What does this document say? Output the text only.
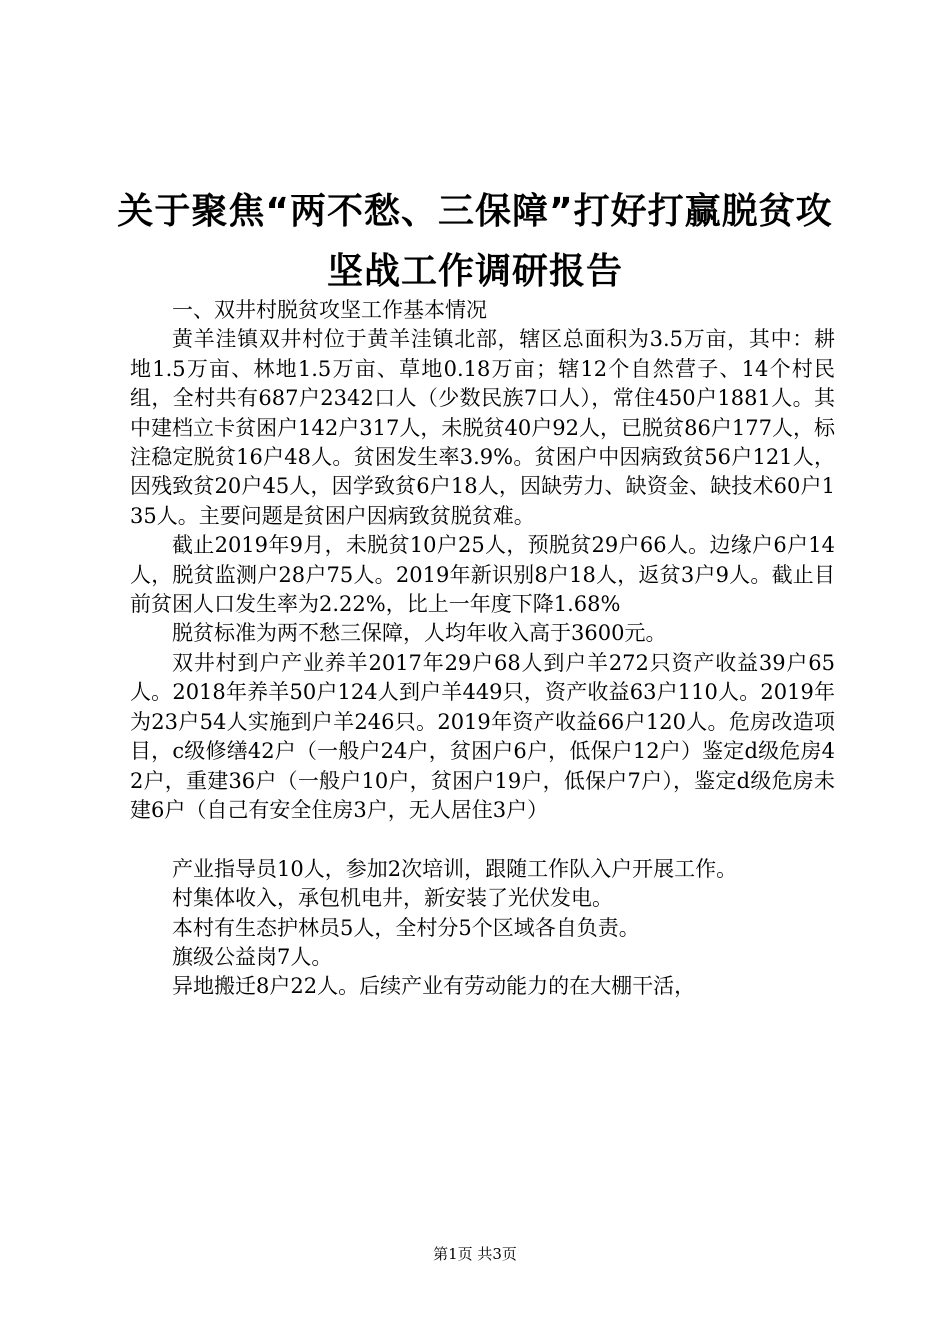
关于聚焦“两不愁、三保障”打好打赢脱贫攻
坚战工作调研报告

一、双井村脱贫攻坚工作基本情况

黄羊洼镇双井村位于黄羊洼镇北部，辖区总面积为3.5万亩，其中：耕地1.5万亩、林地1.5万亩、草地0.18万亩；辖12个自然营子、14个村民组，全村共有687户2342口人（少数民族7口人），常住450户1881人。其中建档立卡贫困户142户317人，未脱贫40户92人，已脱贫86户177人，标注稳定脱贫16户48人。贫困发生率3.9%。贫困户中因病致贫56户121人，因残致贫20户45人，因学致贫6户18人，因缺劳力、缺资金、缺技术60户135人。主要问题是贫困户因病致贫脱贫难。

截止2019年9月，未脱贫10户25人，预脱贫29户66人。边缘户6户14人，脱贫监测户28户75人。2019年新识别8户18人，返贫3户9人。截止目前贫困人口发生率为2.22%，比上一年度下降1.68%

脱贫标准为两不愁三保障，人均年收入高于3600元。

双井村到户产业养羊2017年29户68人到户羊272只资产收益39户65人。2018年养羊50户124人到户羊449只，资产收益63户110人。2019年为23户54人实施到户羊246只。2019年资产收益66户120人。危房改造项目，c级修缮42户（一般户24户，贫困户6户，低保户12户）鉴定d级危房42户，重建36户（一般户10户，贫困户19户，低保户7户），鉴定d级危房未建6户（自己有安全住房3户，无人居住3户）

产业指导员10人，参加2次培训，跟随工作队入户开展工作。

村集体收入，承包机电井，新安装了光伏发电。

本村有生态护林员5人，全村分5个区域各自负责。

旗级公益岗7人。

异地搬迁8户22人。后续产业有劳动能力的在大棚干活，

第1页 共3页
